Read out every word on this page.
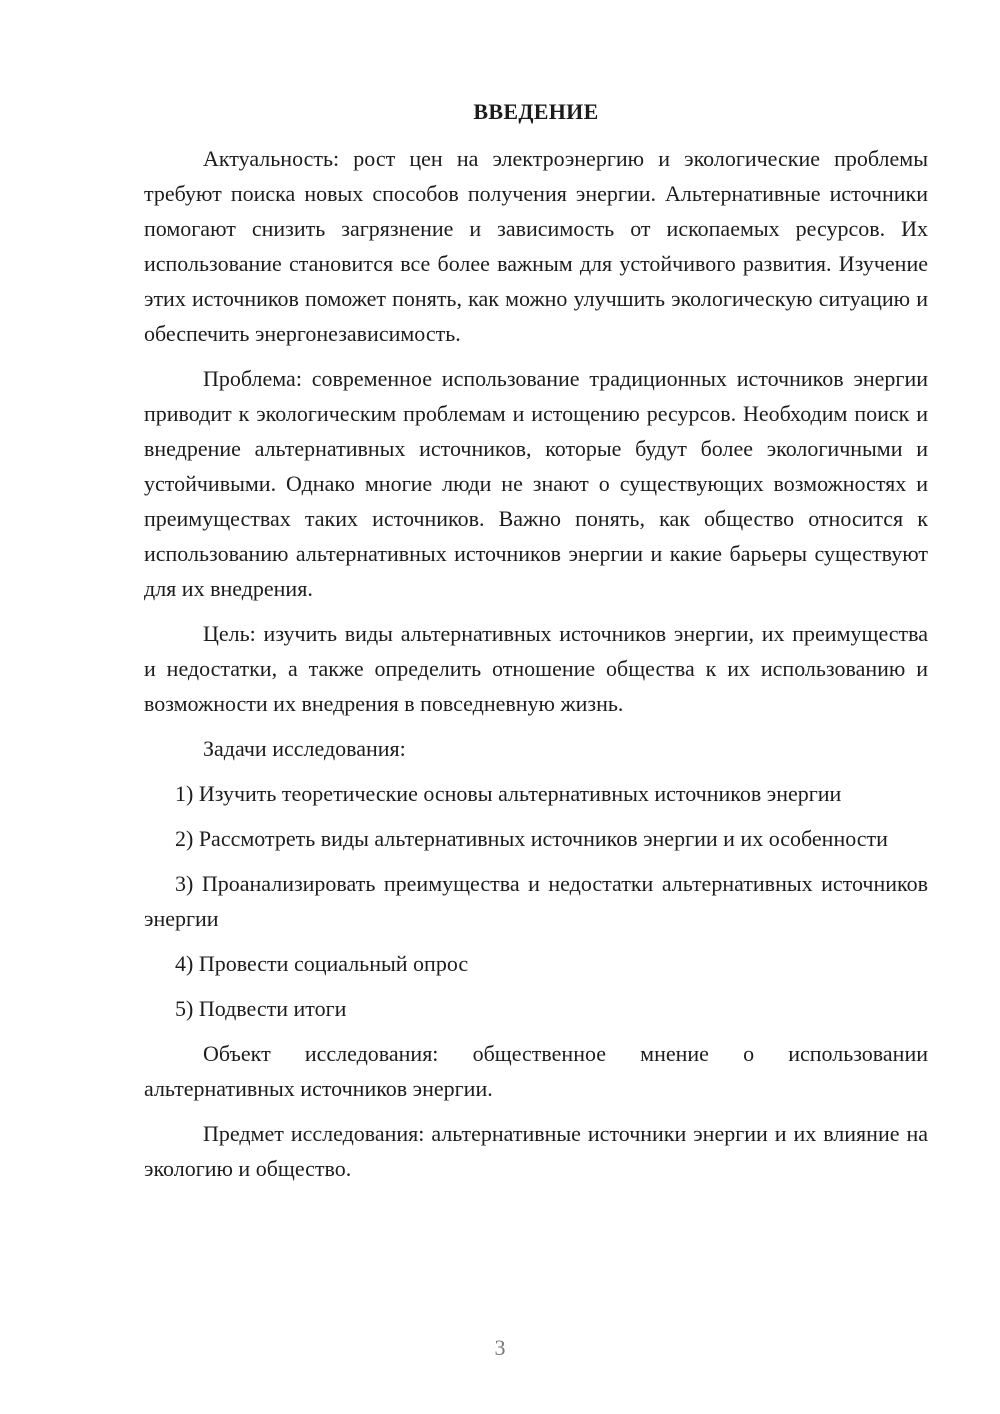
ВВЕДЕНИЕ

Актуальность: рост цен на электроэнергию и экологические проблемы требуют поиска новых способов получения энергии. Альтернативные источники помогают снизить загрязнение и зависимость от ископаемых ресурсов. Их использование становится все более важным для устойчивого развития. Изучение этих источников поможет понять, как можно улучшить экологическую ситуацию и обеспечить энергонезависимость.

Проблема: современное использование традиционных источников энергии приводит к экологическим проблемам и истощению ресурсов. Необходим поиск и внедрение альтернативных источников, которые будут более экологичными и устойчивыми. Однако многие люди не знают о существующих возможностях и преимуществах таких источников. Важно понять, как общество относится к использованию альтернативных источников энергии и какие барьеры существуют для их внедрения.

Цель: изучить виды альтернативных источников энергии, их преимущества и недостатки, а также определить отношение общества к их использованию и возможности их внедрения в повседневную жизнь.

Задачи исследования:

1) Изучить теоретические основы альтернативных источников энергии

2) Рассмотреть виды альтернативных источников энергии и их особенности

3) Проанализировать преимущества и недостатки альтернативных источников энергии

4) Провести социальный опрос

5) Подвести итоги

Объект исследования: общественное мнение о использовании альтернативных источников энергии.

Предмет исследования: альтернативные источники энергии и их влияние на экологию и общество.

3
